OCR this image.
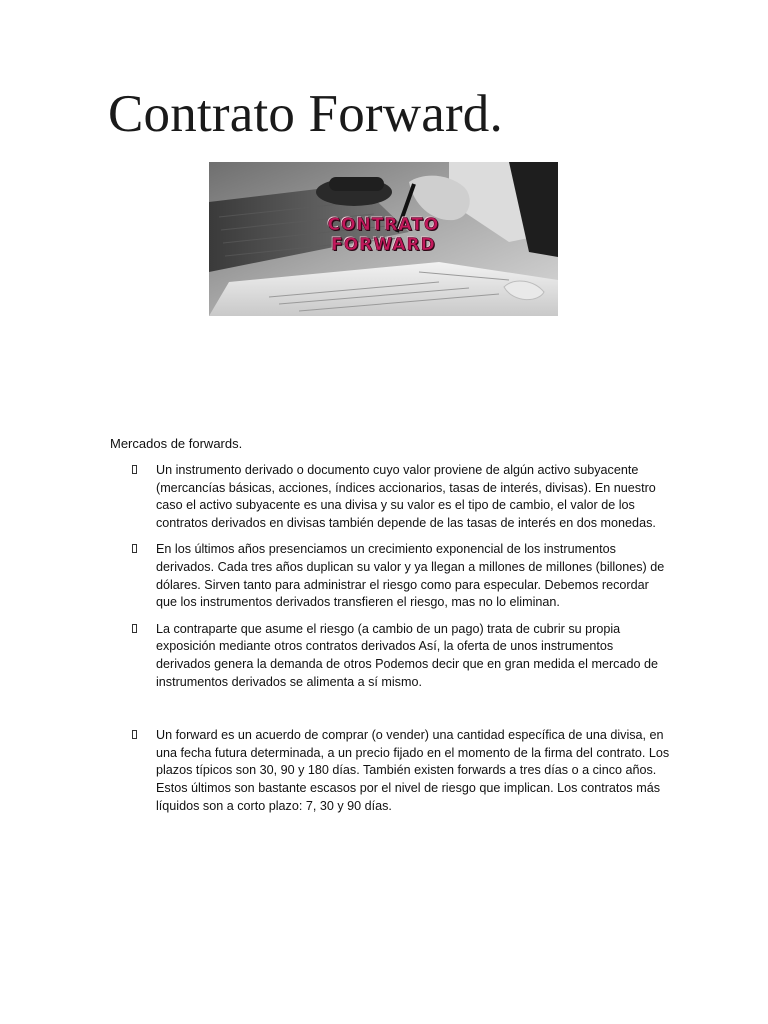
Contrato Forward.
CONTRATO
FORWARD

Mercados de forwards.

Un instrumento derivado o documento cuyo valor proviene de algún activo subyacente (mercancías básicas, acciones, índices accionarios, tasas de interés, divisas). En nuestro caso el activo subyacente es una divisa y su valor es el tipo de cambio, el valor de los contratos derivados en divisas también depende de las tasas de interés en dos monedas.
En los últimos años presenciamos un crecimiento exponencial de los instrumentos derivados. Cada tres años duplican su valor y ya llegan a millones de millones (billones) de dólares. Sirven tanto para administrar el riesgo como para especular. Debemos recordar que los instrumentos derivados transfieren el riesgo, mas no lo eliminan.
La contraparte que asume el riesgo (a cambio de un pago) trata de cubrir su propia exposición mediante otros contratos derivados Así, la oferta de unos instrumentos derivados genera la demanda de otros Podemos decir que en gran medida el mercado de instrumentos derivados se alimenta a sí mismo.
Un forward es un acuerdo de comprar (o vender) una cantidad específica de una divisa, en una fecha futura determinada, a un precio fijado en el momento de la firma del contrato. Los plazos típicos son 30, 90 y 180 días. También existen forwards a tres días o a cinco años. Estos últimos son bastante escasos por el nivel de riesgo que implican. Los contratos más líquidos son a corto plazo: 7, 30 y 90 días.
